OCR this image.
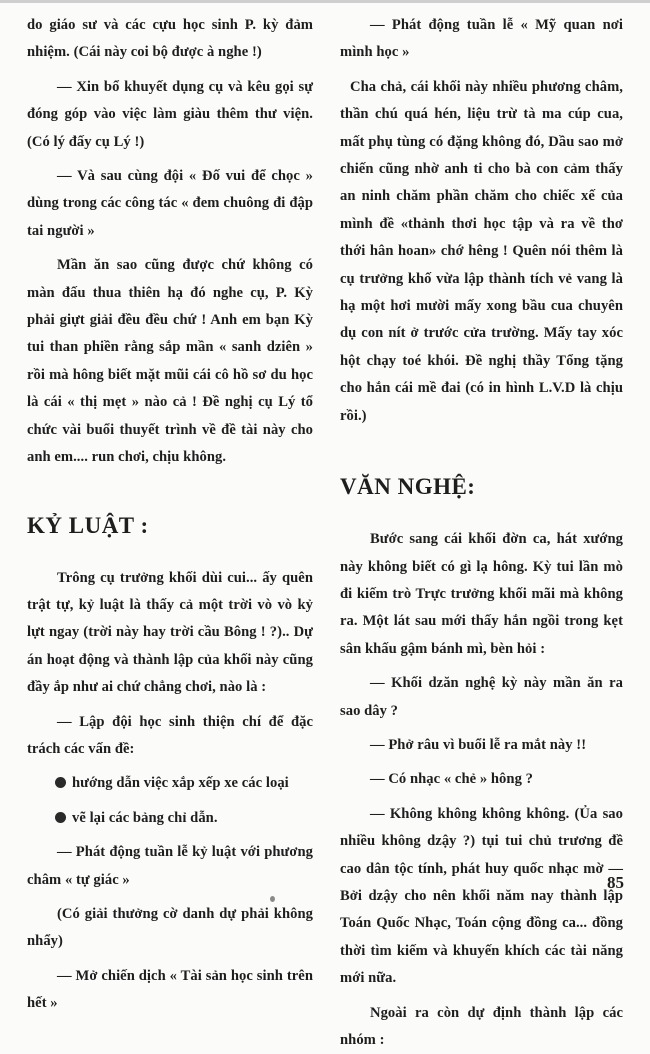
do giáo sư và các cựu học sinh P. kỳ đảm nhiệm. (Cái này coi bộ được à nghe !)

— Xin bổ khuyết dụng cụ và kêu gọi sự đóng góp vào việc làm giàu thêm thư viện. (Có lý đấy cụ Lý !)

— Và sau cùng đội « Đố vui để chọc » dùng trong các công tác « đem chuông đi đập tai người »

Mần ăn sao cũng được chứ không có màn đấu thua thiên hạ đó nghe cụ, P. Kỳ phải giựt giải đều đều chứ ! Anh em bạn Kỳ tui than phiền rằng sắp mần « sanh dziên » rồi mà hông biết mặt mũi cái cô hồ sơ du học là cái « thị mẹt » nào cả ! Đề nghị cụ Lý tổ chức vài buổi thuyết trình về đề tài này cho anh em.... run chơi, chịu không.

KỶ LUẬT :

Trông cụ trưởng khối dùi cui... ấy quên trật tự, kỷ luật là thấy cả một trời vò vò kỷ lựt ngay (trời này hay trời cầu Bông ! ?).. Dự án hoạt động và thành lập của khối này cũng đầy ắp như ai chứ chẳng chơi, nào là :

— Lập đội học sinh thiện chí để đặc trách các vấn đề:

hướng dẫn việc xắp xếp xe các loại

vẽ lại các bảng chỉ dẫn.

— Phát động tuần lễ kỷ luật với phương châm « tự giác »

(Có giải thưởng cờ danh dự phải không nhẩy)

— Mở chiến dịch « Tài sản học sinh trên hết »

— Phát động tuần lễ « Mỹ quan nơi mình học »

Cha chả, cái khối này nhiều phương châm, thần chú quá hén, liệu trừ tà ma cúp cua, mất phụ tùng có đặng không đó, Dầu sao mở chiến cũng nhờ anh ti cho bà con cảm thấy an ninh chăm phần chăm cho chiếc xế của mình đề «thảnh thơi học tập và ra về thơ thới hân hoan» chớ hêng ! Quên nói thêm là cụ trưởng khố vừa lập thành tích vẻ vang là hạ một hơi mười mấy xong bầu cua chuyên dụ con nít ở trước cửa trường. Mấy tay xóc hột chạy toé khói. Đề nghị thầy Tổng tặng cho hắn cái mề đai (có in hình L.V.D là chịu rồi.)

VĂN NGHỆ:

Bước sang cái khối đờn ca, hát xướng này không biết có gì lạ hông. Kỳ tui lần mò đi kiếm trò Trực trưởng khối mãi mà không ra. Một lát sau mới thấy hắn ngồi trong kẹt sân khấu gậm bánh mì, bèn hỏi :

— Khối dzăn nghệ kỳ này mần ăn ra sao dây ?

— Phở râu vì buổi lễ ra mắt này !!

— Có nhạc « chẻ » hông ?

— Không không không không. (Ủa sao nhiều không dzậy ?) tụi tui chủ trương đề cao dân tộc tính, phát huy quốc nhạc mờ — Bởi dzậy cho nên khối năm nay thành lập Toán Quốc Nhạc, Toán cộng đồng ca... đồng thời tìm kiếm và khuyến khích các tài năng mới nữa.

Ngoài ra còn dự định thành lập các nhóm :

85
